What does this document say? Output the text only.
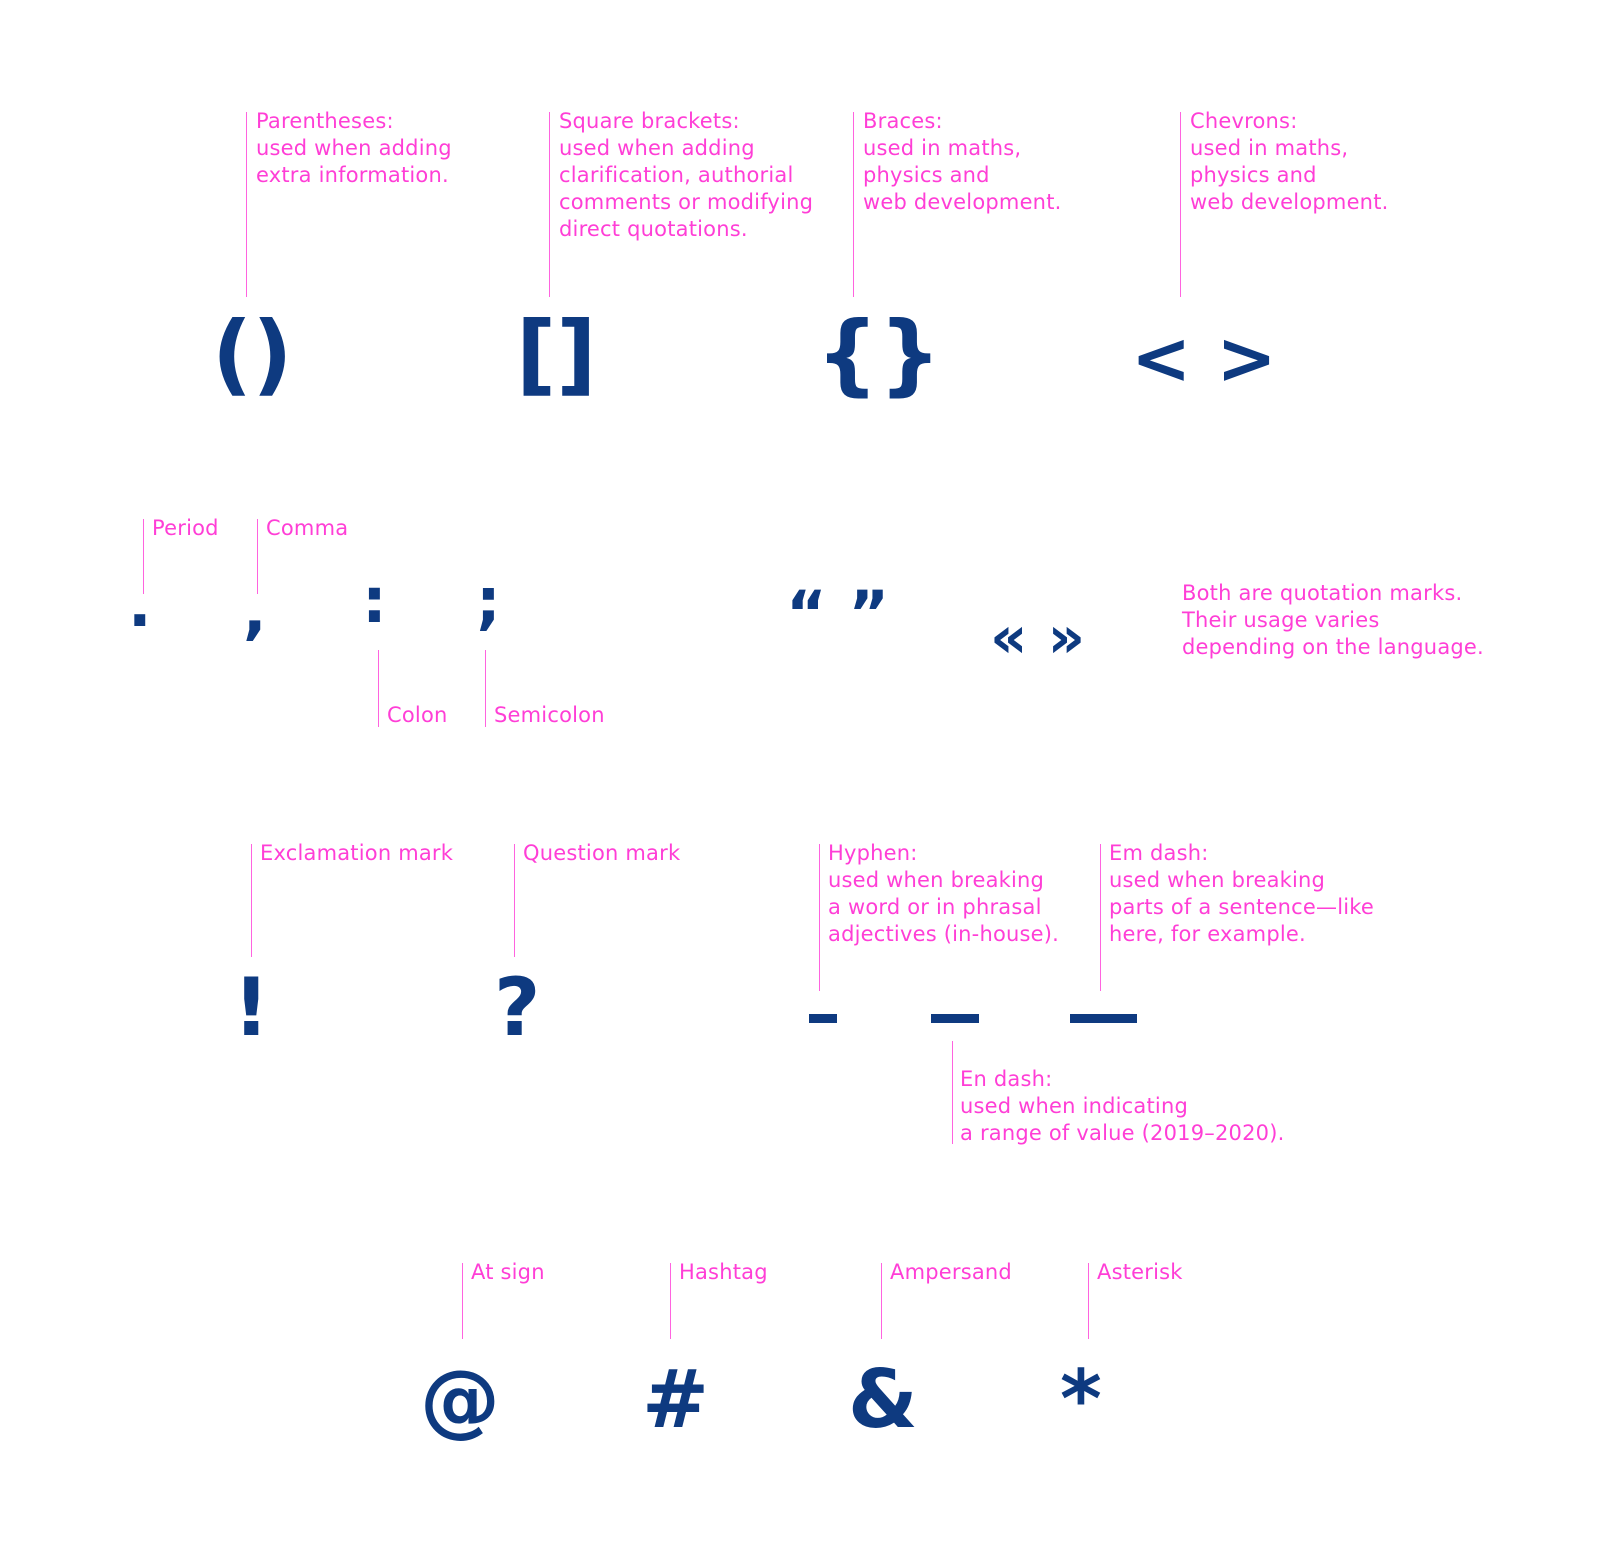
Parentheses:
used when adding
extra information.
()
Square brackets:
used when adding
clarification, authorial
comments or modifying
direct quotations.
[]
Braces:
used in maths,
physics and
web development.
{}
Chevrons:
used in maths,
physics and
web development.
< >
Period
.
Comma
, :
Colon
;
Semicolon
“ ” « »
Both are quotation marks.
Their usage varies
depending on the language.
Exclamation mark
!
Question mark
?
Hyphen:
used when breaking
a word or in phrasal
adjectives (in-house).
En dash:
used when indicating
a range of value (2019–2020).
Em dash:
used when breaking
parts of a sentence—like
here, for example.
At sign
@
Hashtag
#
Ampersand
&
Asterisk
*
